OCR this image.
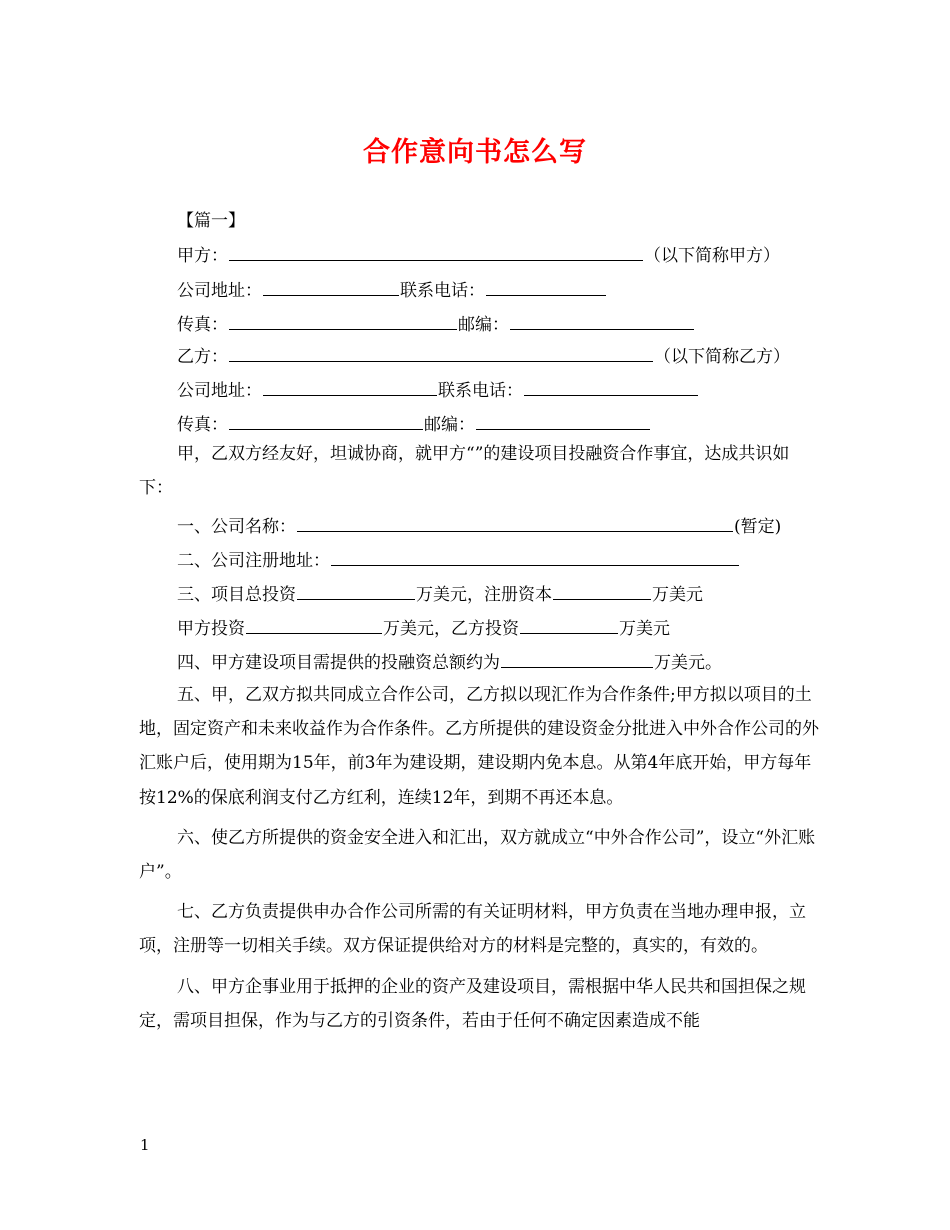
合作意向书怎么写
【篇一】
甲方：	（以下简称甲方）
公司地址：	联系电话：
传真：	邮编：
乙方：	（以下简称乙方）
公司地址：	联系电话：
传真：	邮编：
甲，乙双方经友好，坦诚协商，就甲方“”的建设项目投融资合作事宜，达成共识如下：
一、公司名称：	(暂定)
二、公司注册地址：
三、项目总投资	万美元，注册资本	万美元
甲方投资	万美元，乙方投资	万美元
四、甲方建设项目需提供的投融资总额约为	万美元。
五、甲，乙双方拟共同成立合作公司，乙方拟以现汇作为合作条件;甲方拟以项目的土地，固定资产和未来收益作为合作条件。乙方所提供的建设资金分批进入中外合作公司的外汇账户后，使用期为15年，前3年为建设期，建设期内免本息。从第4年底开始，甲方每年按12%的保底利润支付乙方红利，连续12年，到期不再还本息。
六、使乙方所提供的资金安全进入和汇出，双方就成立“中外合作公司”，设立“外汇账户”。
七、乙方负责提供申办合作公司所需的有关证明材料，甲方负责在当地办理申报，立项，注册等一切相关手续。双方保证提供给对方的材料是完整的，真实的，有效的。
八、甲方企事业用于抵押的企业的资产及建设项目，需根据中华人民共和国担保之规定，需项目担保，作为与乙方的引资条件，若由于任何不确定因素造成不能
1
